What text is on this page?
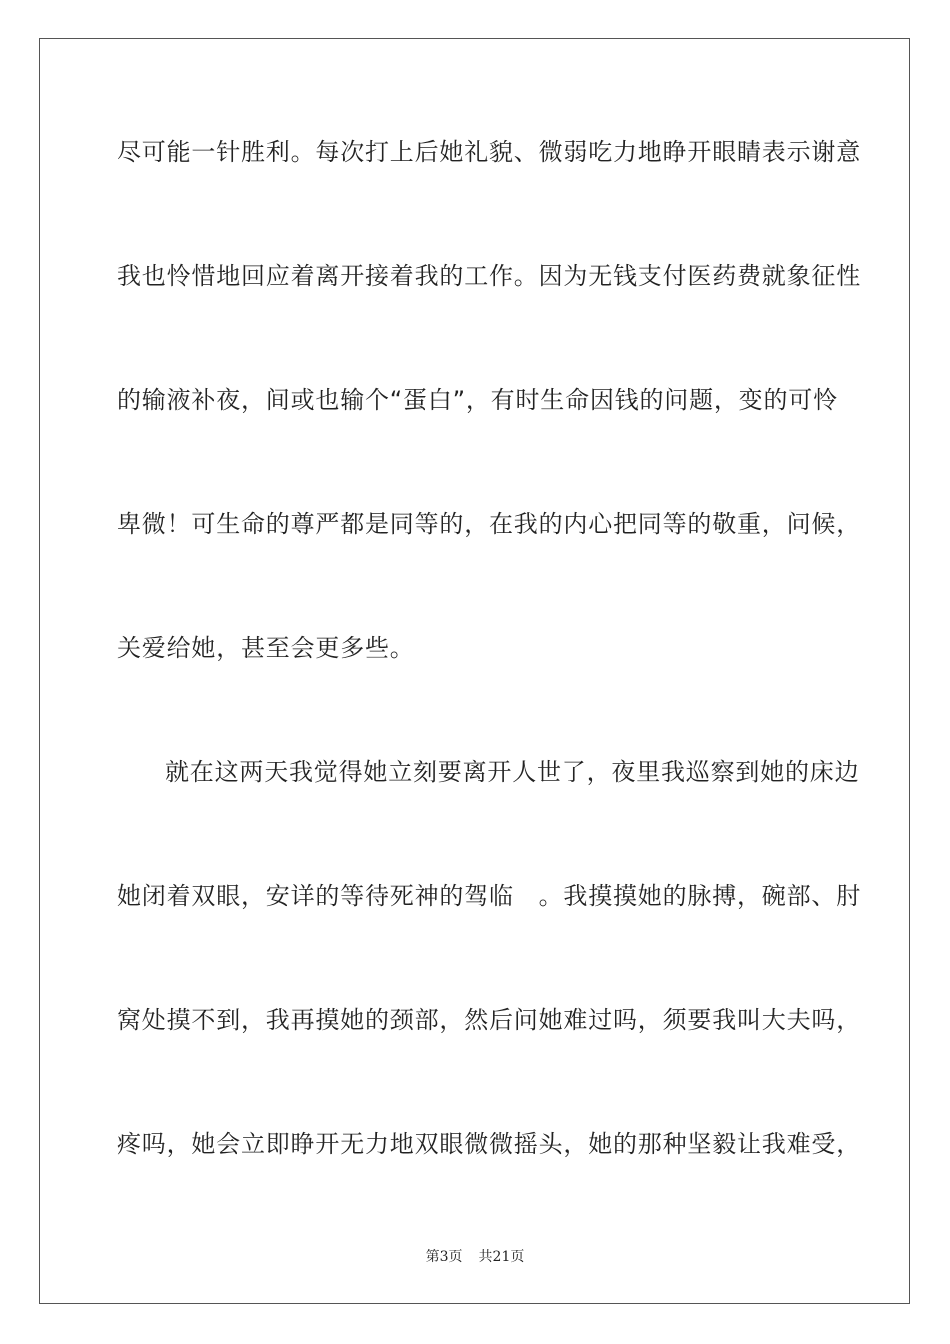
尽可能一针胜利。每次打上后她礼貌、微弱吃力地睁开眼睛表示谢意
我也怜惜地回应着离开接着我的工作。因为无钱支付医药费就象征性
的输液补夜，间或也输个“蛋白”，有时生命因钱的问题，变的可怜
卑微！可生命的尊严都是同等的，在我的内心把同等的敬重，问候，
关爱给她，甚至会更多些。
就在这两天我觉得她立刻要离开人世了，夜里我巡察到她的床边
她闭着双眼，安详的等待死神的驾临　。我摸摸她的脉搏，碗部、肘
窝处摸不到，我再摸她的颈部，然后问她难过吗，须要我叫大夫吗，
疼吗，她会立即睁开无力地双眼微微摇头，她的那种坚毅让我难受，
第3页 共21页
